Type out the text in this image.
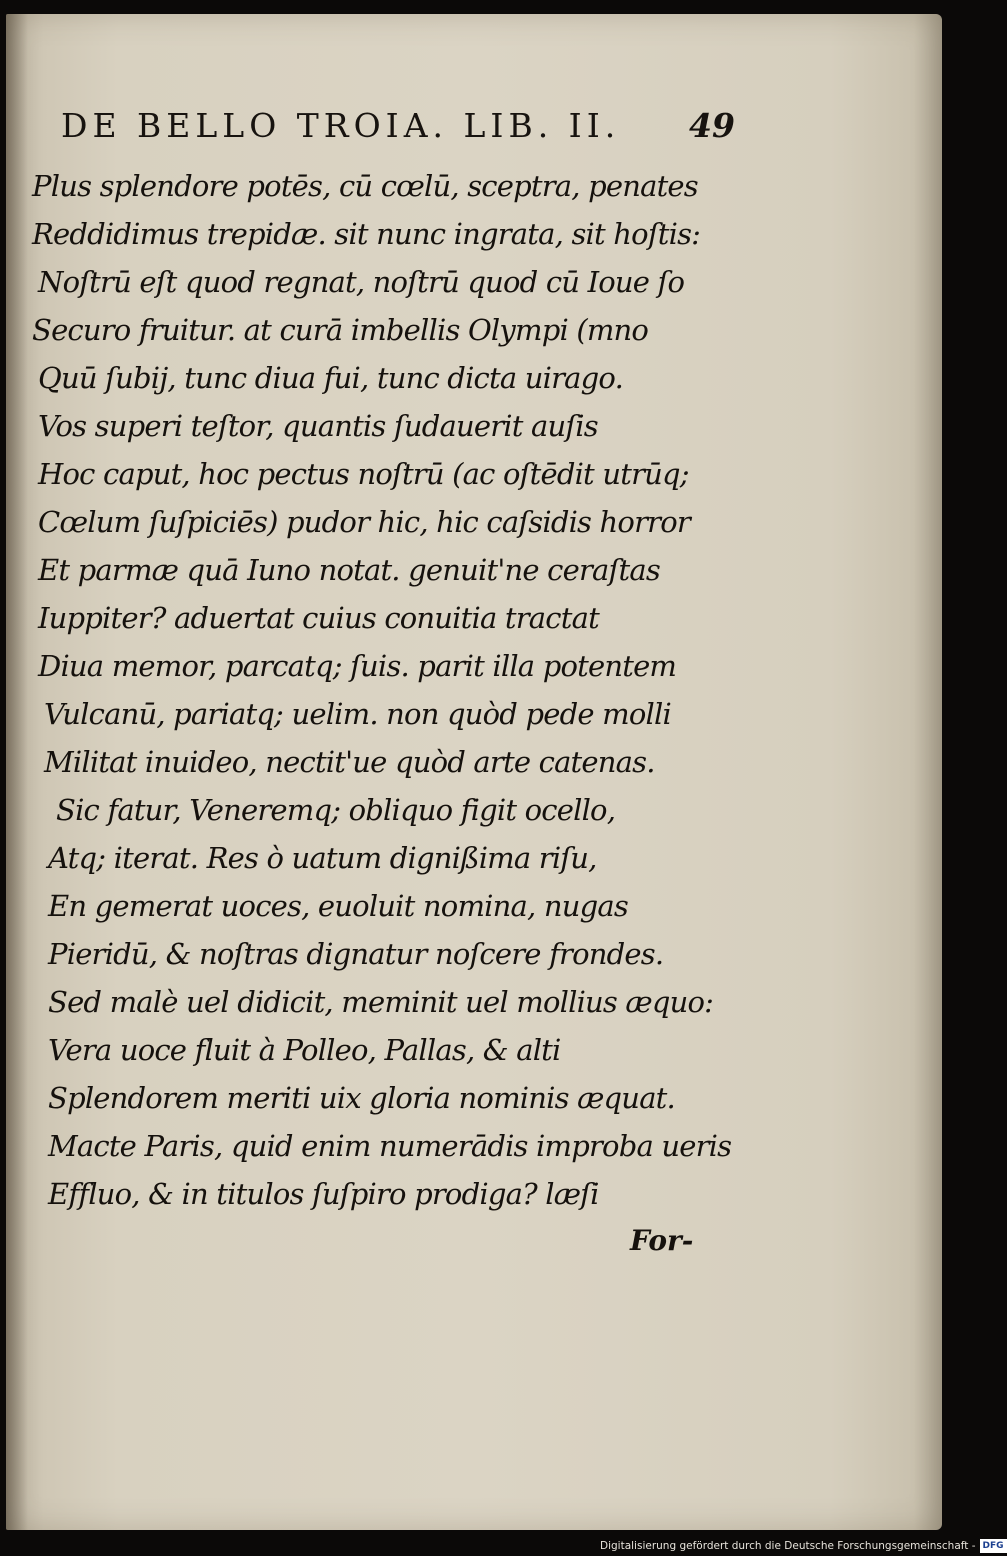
DE BELLO TROIA. LIB. II. 49
Plus splendore potēs, cū cœlū, sceptra, penates
Reddidimus trepidæ. sit nunc ingrata, sit hoſtis:
Noſtrū eſt quod regnat, noſtrū quod cū Ioue ſo
Securo fruitur. at curā imbellis Olympi (mno
Quū ſubij, tunc diua fui, tunc dicta uirago.
Vos superi teſtor, quantis ſudauerit auſis
Hoc caput, hoc pectus noſtrū (ac oſtēdit utrūq;
Cœlum ſuſpiciēs) pudor hic, hic caſsidis horror
Et parmæ quā Iuno notat. genuit'ne ceraſtas
Iuppiter? aduertat cuius conuitia tractat
Diua memor, parcatq; ſuis. parit illa potentem
Vulcanū, pariatq; uelim. non quòd pede molli
Militat inuideo, nectit'ue quòd arte catenas.
Sic fatur, Veneremq; obliquo figit ocello,
Atq; iterat. Res ò uatum dignißima riſu,
En gemerat uoces, euoluit nomina, nugas
Pieridū, & noſtras dignatur noſcere frondes.
Sed malè uel didicit, meminit uel mollius æquo:
Vera uoce fluit à Polleo, Pallas, & alti
Splendorem meriti uix gloria nominis æquat.
Macte Paris, quid enim numerādis improba ueris
Effluo, & in titulos ſuſpiro prodiga? læſi
For-
Digitalisierung gefördert durch die Deutsche Forschungsgemeinschaft - DFG
